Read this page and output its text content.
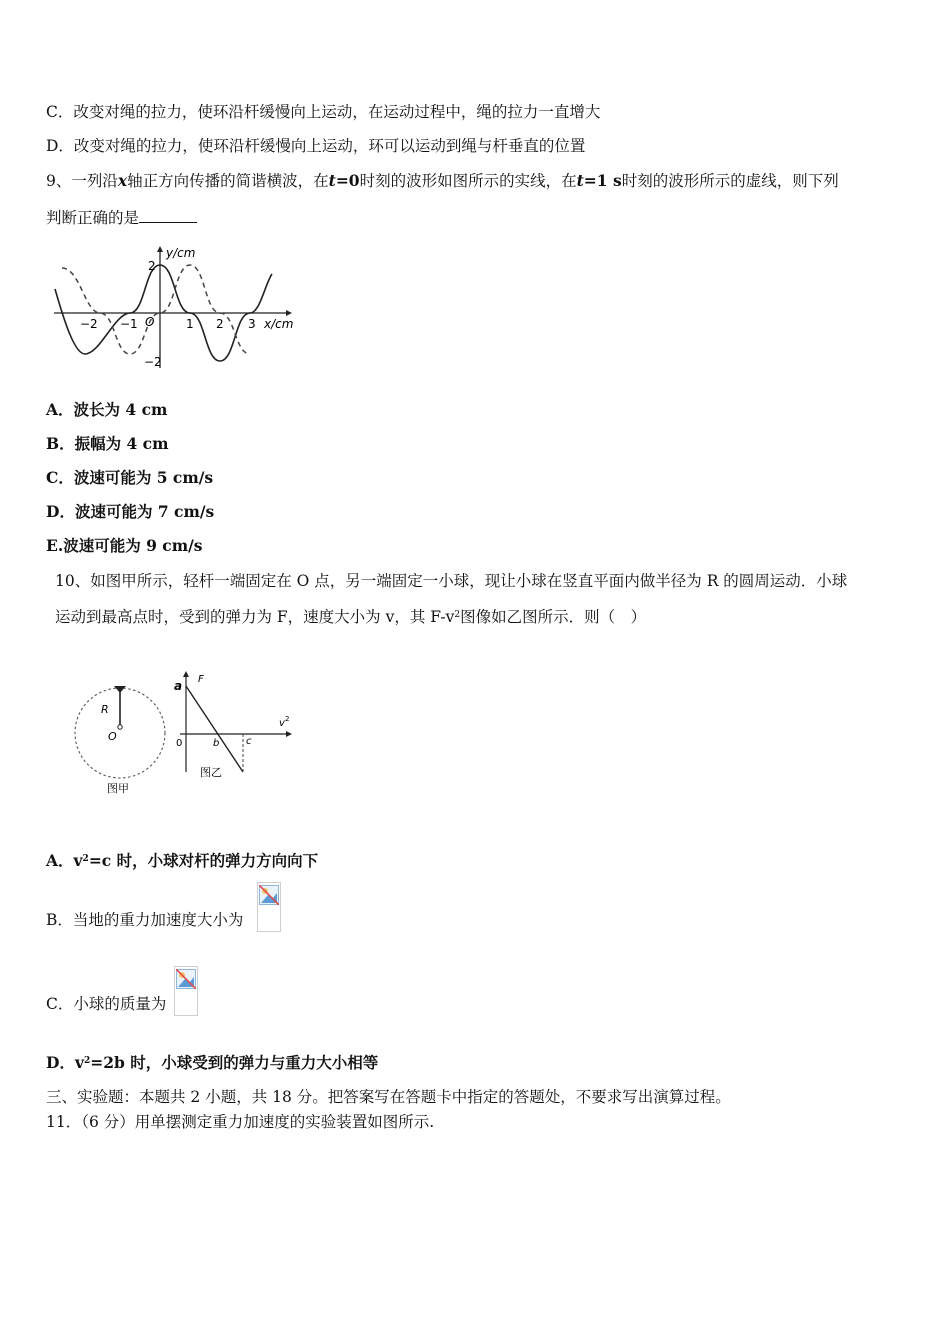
C．改变对绳的拉力，使环沿杆缓慢向上运动，在运动过程中，绳的拉力一直增大
D．改变对绳的拉力，使环沿杆缓慢向上运动，环可以运动到绳与杆垂直的位置
9、一列沿x轴正方向传播的简谐横波，在t=0时刻的波形如图所示的实线，在t=1 s时刻的波形所示的虚线，则下列
判断正确的是
y/cm
x/cm
2
−2
O
−2 −1	1 2 3
A．波长为 4 cm
B．振幅为 4 cm
C．波速可能为 5 cm/s
D．波速可能为 7 cm/s
E.波速可能为 9 cm/s
10、如图甲所示，轻杆一端固定在 O 点，另一端固定一小球，现让小球在竖直平面内做半径为 R 的圆周运动．小球
运动到最高点时，受到的弹力为 F，速度大小为 v，其 $F-v^2$图像如乙图所示．则（　）
R
O
图甲
F
a
v 2
0	b	c
图乙
A．$v^2=c$ 时，小球对杆的弹力方向向下
B．当地的重力加速度大小为
C．小球的质量为
D．$v^2=2b$ 时，小球受到的弹力与重力大小相等
三、实验题：本题共 2 小题，共 18 分。把答案写在答题卡中指定的答题处，不要求写出演算过程。
11．（6 分）用单摆测定重力加速度的实验装置如图所示.
